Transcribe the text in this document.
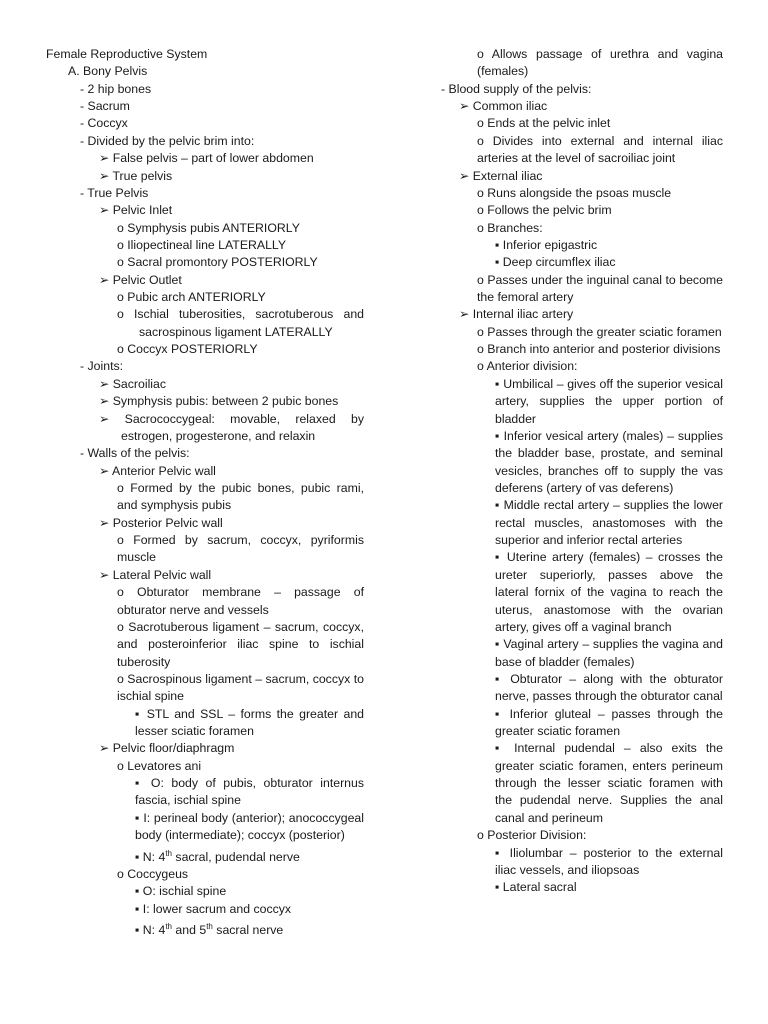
Female Reproductive System
A. Bony Pelvis
- 2 hip bones
- Sacrum
- Coccyx
- Divided by the pelvic brim into:
➢ False pelvis – part of lower abdomen
➢ True pelvis
- True Pelvis
➢ Pelvic Inlet
o Symphysis pubis ANTERIORLY
o Iliopectineal line LATERALLY
o Sacral promontory POSTERIORLY
➢ Pelvic Outlet
o Pubic arch ANTERIORLY
o Ischial tuberosities, sacrotuberous and sacrospinous ligament LATERALLY
o Coccyx POSTERIORLY
- Joints:
➢ Sacroiliac
➢ Symphysis pubis: between 2 pubic bones
➢ Sacrococcygeal: movable, relaxed by estrogen, progesterone, and relaxin
- Walls of the pelvis:
➢ Anterior Pelvic wall
o Formed by the pubic bones, pubic rami, and symphysis pubis
➢ Posterior Pelvic wall
o Formed by sacrum, coccyx, pyriformis muscle
➢ Lateral Pelvic wall
o Obturator membrane – passage of obturator nerve and vessels
o Sacrotuberous ligament – sacrum, coccyx, and posteroinferior iliac spine to ischial tuberosity
o Sacrospinous ligament – sacrum, coccyx to ischial spine
▪ STL and SSL – forms the greater and lesser sciatic foramen
➢ Pelvic floor/diaphragm
o Levatores ani
▪ O: body of pubis, obturator internus fascia, ischial spine
▪ I: perineal body (anterior); anococcygeal body (intermediate); coccyx (posterior)
▪ N: 4th sacral, pudendal nerve
o Coccygeus
▪ O: ischial spine
▪ I: lower sacrum and coccyx
▪ N: 4th and 5th sacral nerve
o Allows passage of urethra and vagina (females)
- Blood supply of the pelvis:
➢ Common iliac
o Ends at the pelvic inlet
o Divides into external and internal iliac arteries at the level of sacroiliac joint
➢ External iliac
o Runs alongside the psoas muscle
o Follows the pelvic brim
o Branches:
▪ Inferior epigastric
▪ Deep circumflex iliac
o Passes under the inguinal canal to become the femoral artery
➢ Internal iliac artery
o Passes through the greater sciatic foramen
o Branch into anterior and posterior divisions
o Anterior division:
▪ Umbilical – gives off the superior vesical artery, supplies the upper portion of bladder
▪ Inferior vesical artery (males) – supplies the bladder base, prostate, and seminal vesicles, branches off to supply the vas deferens (artery of vas deferens)
▪ Middle rectal artery – supplies the lower rectal muscles, anastomoses with the superior and inferior rectal arteries
▪ Uterine artery (females) – crosses the ureter superiorly, passes above the lateral fornix of the vagina to reach the uterus, anastomose with the ovarian artery, gives off a vaginal branch
▪ Vaginal artery – supplies the vagina and base of bladder (females)
▪ Obturator – along with the obturator nerve, passes through the obturator canal
▪ Inferior gluteal – passes through the greater sciatic foramen
▪ Internal pudendal – also exits the greater sciatic foramen, enters perineum through the lesser sciatic foramen with the pudendal nerve. Supplies the anal canal and perineum
o Posterior Division:
▪ Iliolumbar – posterior to the external iliac vessels, and iliopsoas
▪ Lateral sacral
